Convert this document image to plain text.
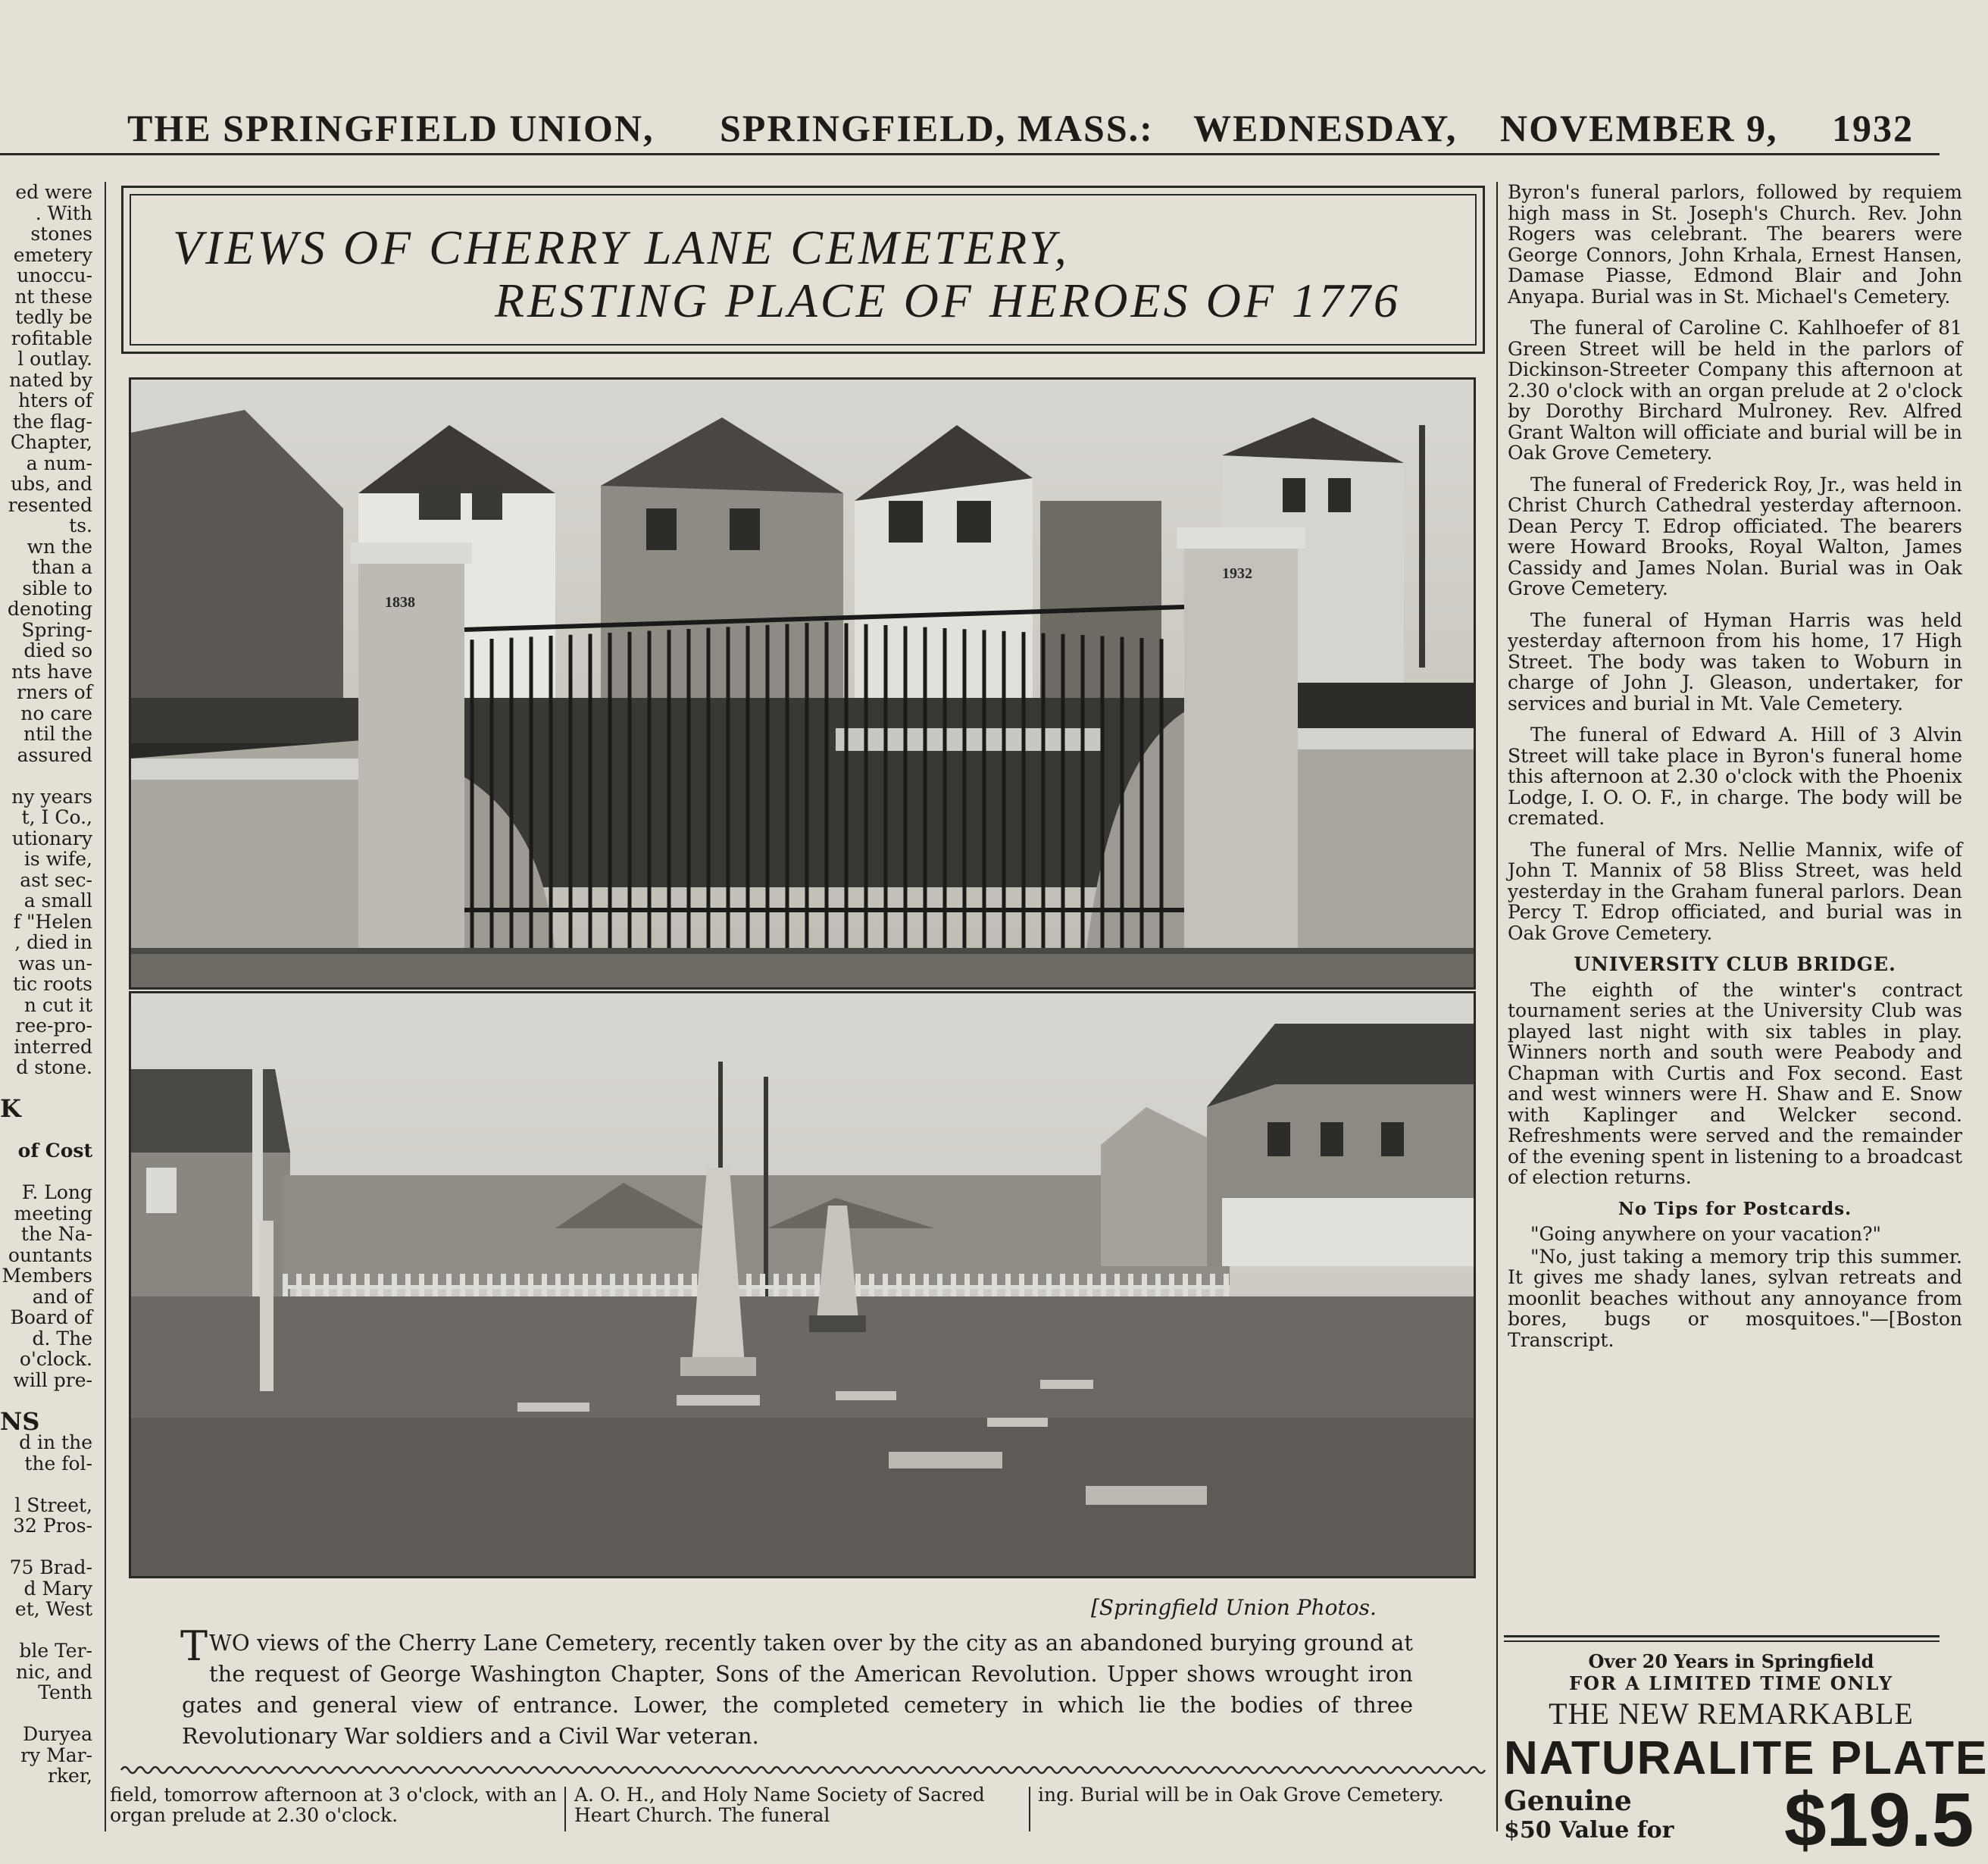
THE SPRINGFIELD UNION, SPRINGFIELD, MASS.: WEDNESDAY, NOVEMBER 9, 1932
ed were
. With
stones
emetery
unoccu-
nt these
tedly be
rofitable
l outlay.
nated by
hters of
the flag-
Chapter,
a num-
ubs, and
resented
ts.
wn the
than a
sible to
denoting
Spring-
died so
nts have
rners of
no care
ntil the
assured

ny years
t, I Co.,
utionary
is wife,
ast sec-
a small
f "Helen
, died in
was un-
tic roots
n cut it
ree-pro-
interred
d stone.

K

of Cost

F. Long
meeting
the Na-
ountants
Members
and of
Board of
d. The
o'clock.
will pre-

NS
d in the
the fol-

l Street,
32 Pros-

75 Brad-
d Mary
et, West

ble Ter-
nic, and
Tenth

Duryea
ry Mar-
rker,
VIEWS OF CHERRY LANE CEMETERY,
RESTING PLACE OF HEROES OF 1776
1838
1932
[Springfield Union Photos.
TWO views of the Cherry Lane Cemetery, recently taken over by the city as an abandoned burying ground at the request of George Washington Chapter, Sons of the American Revolution. Upper shows wrought iron gates and general view of entrance. Lower, the completed cemetery in which lie the bodies of three Revolutionary War soldiers and a Civil War veteran.
field, tomorrow afternoon at 3 o'clock, with an organ prelude at 2.30 o'clock.
A. O. H., and Holy Name Society of Sacred Heart Church. The funeral
ing. Burial will be in Oak Grove Cemetery.

Byron's funeral parlors, followed by requiem high mass in St. Joseph's Church. Rev. John Rogers was celebrant. The bearers were George Connors, John Krhala, Ernest Hansen, Damase Piasse, Edmond Blair and John Anyapa. Burial was in St. Michael's Cemetery.

The funeral of Caroline C. Kahlhoefer of 81 Green Street will be held in the parlors of Dickinson-Streeter Company this afternoon at 2.30 o'clock with an organ prelude at 2 o'clock by Dorothy Birchard Mulroney. Rev. Alfred Grant Walton will officiate and burial will be in Oak Grove Cemetery.

The funeral of Frederick Roy, Jr., was held in Christ Church Cathedral yesterday afternoon. Dean Percy T. Edrop officiated. The bearers were Howard Brooks, Royal Walton, James Cassidy and James Nolan. Burial was in Oak Grove Cemetery.

The funeral of Hyman Harris was held yesterday afternoon from his home, 17 High Street. The body was taken to Woburn in charge of John J. Gleason, undertaker, for services and burial in Mt. Vale Cemetery.

The funeral of Edward A. Hill of 3 Alvin Street will take place in Byron's funeral home this afternoon at 2.30 o'clock with the Phoenix Lodge, I. O. O. F., in charge. The body will be cremated.

The funeral of Mrs. Nellie Mannix, wife of John T. Mannix of 58 Bliss Street, was held yesterday in the Graham funeral parlors. Dean Percy T. Edrop officiated, and burial was in Oak Grove Cemetery.

UNIVERSITY CLUB BRIDGE.

The eighth of the winter's contract tournament series at the University Club was played last night with six tables in play. Winners north and south were Peabody and Chapman with Curtis and Fox second. East and west winners were H. Shaw and E. Snow with Kaplinger and Welcker second. Refreshments were served and the remainder of the evening spent in listening to a broadcast of election returns.

No Tips for Postcards.

"Going anywhere on your vacation?"

"No, just taking a memory trip this summer. It gives me shady lanes, sylvan retreats and moonlit beaches without any annoyance from bores, bugs or mosquitoes."—[Boston Transcript.

Over 20 Years in Springfield
FOR A LIMITED TIME ONLY
THE NEW REMARKABLE
NATURALITE PLATE
Genuine
$50 Value for	$19.5
